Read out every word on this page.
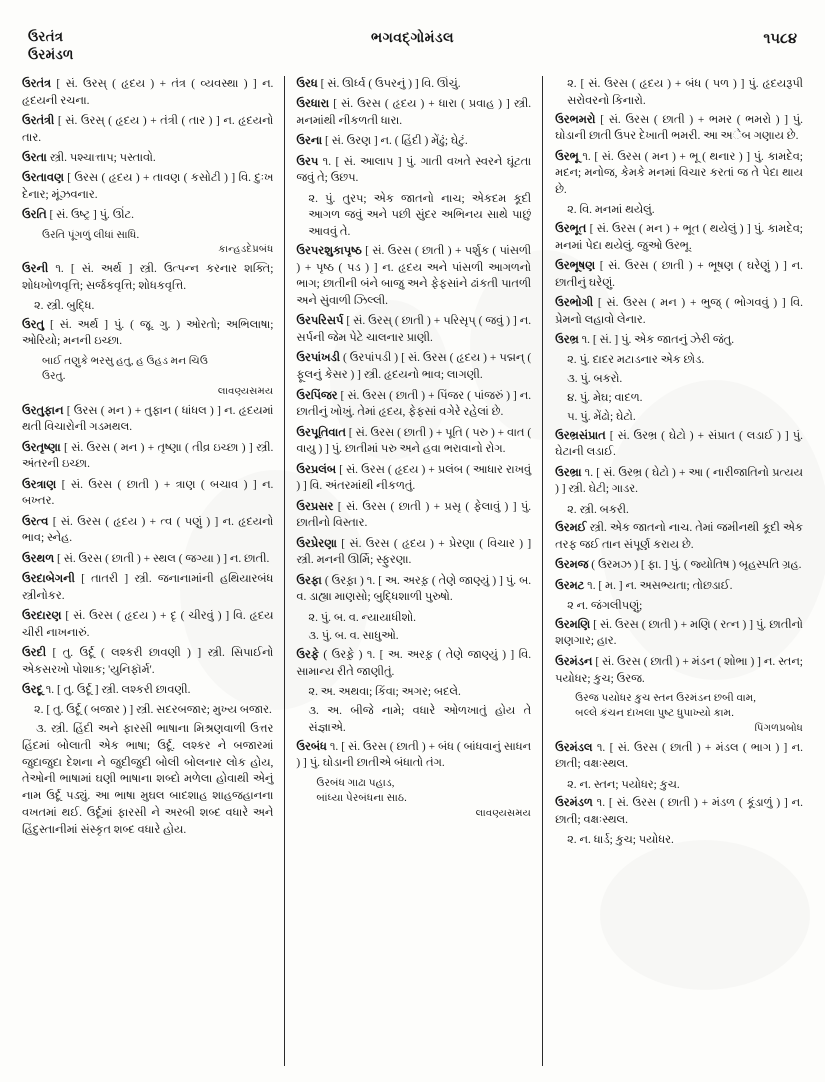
ઉરતંત્ર
ઉરમંડળ
ભગવદ્ગોમંડલ	૧૫૮૪
ઉરતંત્ર [ સં. ઉરસ્ ( હૃદય ) + તંત્ર ( વ્યવસ્થા ) ] ન. હૃદયની રચના.
ઉરતંત્રી [ સં. ઉરસ્ ( હૃદય ) + તંત્રી ( તાર ) ] ન. હૃદયનો તાર.
ઉરતા સ્ત્રી. પશ્ચાત્તાપ; પસ્તાવો.
ઉરતાવણ [ ઉરસ ( હૃદય ) + તાવણ ( કસોટી ) ] વિ. દુઃખ દેનાર; મૂંઝવનાર.
ઉરતિ [ સં. ઉષ્ટ્ર ] પું. ઊંટ.
ઉરતિ પૂંગળું લીધાં સાધિ.
કાન્હડદેપ્રબંધ
ઉરની ૧. [ સં. અર્થ ] સ્ત્રી. ઉત્પન્ન કરનાર શક્તિ; શોધખોળવૃત્તિ; સર્જકવૃત્તિ; શોધકવૃત્તિ.
૨. સ્ત્રી. બુદ્ધિ.
ઉરતુ [ સં. અર્થ ] પું. ( જૂ. ગુ. ) ઓરતો; અભિલાષા; ઓરિયો; મનની ઇચ્છા.
બાઈ તણુકે ભરસુ હતુ, હ ઉહડ મન ચિઉ
ઉરતુ.
લાવણ્યસમય
ઉરતુફાન [ ઉરસ ( મન ) + તુફાન ( ધાંધલ ) ] ન. હૃદયમાં થતી વિચારોની ગડમથલ.
ઉરતૃષ્ણા [ સં. ઉરસ ( મન ) + તૃષ્ણા ( તીવ્ર ઇચ્છા ) ] સ્ત્રી. અંતરની ઇચ્છા.
ઉરત્રાણ [ સં. ઉરસ ( છાતી ) + ત્રાણ ( બચાવ ) ] ન. બખ્તર.
ઉરત્વ [ સં. ઉરસ ( હૃદય ) + ત્વ ( પણું ) ] ન. હૃદયનો ભાવ; સ્નેહ.
ઉરથળ [ સં. ઉરસ ( છાતી ) + સ્થલ ( જગ્યા ) ] ન. છાતી.
ઉરદાબેગની [ તાતરી ] સ્ત્રી. જનાનામાંની હથિયારબંધ સ્ત્રીનોકર.
ઉરદારણ [ સં. ઉરસ ( હૃદય ) + દૃ ( ચીરવું ) ] વિ. હૃદય ચીરી નાખનારું.
ઉરદી [ તુ. ઉર્દૂ ( લશ્કરી છાવણી ) ] સ્ત્રી. સિપાઈનો એકસરખો પોશાક; 'યુનિફૉર્મ'.
ઉરદૂ ૧. [ તુ. ઉર્દૂ ] સ્ત્રી. લશ્કરી છાવણી.
૨. [ તુ. ઉર્દૂ ( બજાર ) ] સ્ત્રી. સદરબજાર; મુખ્ય બજાર.
૩. સ્ત્રી. હિંદી અને ફારસી ભાષાના મિશ્રણવાળી ઉત્તર હિંદમાં બોલાતી એક ભાષા; ઉર્દૂ. લશ્કર ને બજારમાં જુદાજુદા દેશના ને જુદીજુદી બોલી બોલનાર લોક હોય, તેઓની ભાષામાં ઘણી ભાષાના શબ્દો મળેલા હોવાથી એનું નામ ઉર્દૂ પડ્યું. આ ભાષા મુઘલ બાદશાહ શાહજહાનના વખતમાં થઈ. ઉર્દૂમાં ફારસી ને અરબી શબ્દ વધારે અને હિંદુસ્તાનીમાં સંસ્કૃત શબ્દ વધારે હોય.
ઉરધ [ સં. ઊર્ધ્વ ( ઉપરનું ) ] વિ. ઊંચું.
ઉરધારા [ સં. ઉરસ ( હૃદય ) + ધારા ( પ્રવાહ ) ] સ્ત્રી. મનમાંથી નીકળતી ધારા.
ઉરના [ સં. ઉરણ ] ન. ( હિંદી ) મેંઢું; ઘેટું.
ઉરપ ૧. [ સં. આલાપ ] પું. ગાતી વખતે સ્વરને ઘૂંટતા જવું તે; ઉછપ.
૨. પું. તુરપ; એક જાતનો નાચ; એકદમ કૂદી આગળ જવું અને પછી સુંદર અભિનય સાથે પાછું આવવું તે.
ઉરપરશુકાપૃષ્ઠ [ સં. ઉરસ ( છાતી ) + પર્શુક ( પાંસળી ) + પૃષ્ઠ ( પડ ) ] ન. હૃદય અને પાંસળી આગળનો ભાગ; છાતીની બંને બાજુ અને ફેફસાંને ઢાંકતી પાતળી અને સુંવાળી ઝિલ્લી.
ઉરપરિસર્પ [ સં. ઉરસ્ ( છાતી ) + પરિસૃપ્ ( જવું ) ] ન. સર્પની જેમ પેટે ચાલનાર પ્રાણી.
ઉરપાંખડી ( ઉરપાંપડી ) [ સં. ઉરસ ( હૃદય ) + પદ્મન્ ( ફૂલનું કેસર ) ] સ્ત્રી. હૃદયનો ભાવ; લાગણી.
ઉરપિંજર [ સં. ઉરસ ( છાતી ) + પિંજર ( પાંજરું ) ] ન. છાતીનું ખોખું. તેમાં હૃદય, ફેફસાં વગેરે રહેલાં છે.
ઉરપૂતિવાત [ સં. ઉરસ ( છાતી ) + પૂતિ ( પરુ ) + વાત ( વાયુ ) ] પું. છાતીમાં પરુ અને હવા ભરાવાનો રોગ.
ઉરપ્રલંબ [ સં. ઉરસ ( હૃદય ) + પ્રલંબ ( આધાર રાખવું ) ] વિ. અંતરમાંથી નીકળતું.
ઉરપ્રસર [ સં. ઉરસ ( છાતી ) + પ્રસૃ ( ફેલાવું ) ] પું. છાતીનો વિસ્તાર.
ઉરપ્રેરણા [ સં. ઉરસ ( હૃદય ) + પ્રેરણા ( વિચાર ) ] સ્ત્રી. મનની ઊર્મિ; સ્ફુરણા.
ઉરફા ( ઉરફ઼ા ) ૧. [ અ. અરફ઼ ( તેણે જાણ્યું ) ] પું. બ. વ. ડાહ્યા માણસો; બુદ્ધિશાળી પુરુષો.
૨. પું. બ. વ. ન્યાયાધીશો.
૩. પું. બ. વ. સાધુઓ.
ઉરફે ( ઉરફ઼ે ) ૧. [ અ. અરફ઼ ( તેણે જાણ્યું ) ] વિ. સામાન્ય રીતે જાણીતું.
૨. અ. અથવા; કિંવા; અગર; બદલે.
૩. અ. બીજે નામે; વધારે ઓળખાતું હોય તે સંજ્ઞાએ.
ઉરબંધ ૧. [ સં. ઉરસ ( છાતી ) + બંધ ( બાંધવાનું સાધન ) ] પું. ઘોડાની છાતીએ બંધાતો તંગ.
ઉરબંધ ગાઢા પહાડ,
બાંધ્યા પેરબંધના સાઠ.
લાવણ્યસમય
૨. [ સં. ઉરસ ( હૃદય ) + બંધ ( પળ ) ] પું. હૃદયરૂપી સરોવરનો કિનારો.
ઉરભમરો [ સં. ઉરસ ( છાતી ) + ભમર ( ભમરો ) ] પું. ઘોડાની છાતી ઉપર દેખાતી ભમરી. આ અેબ ગણાય છે.
ઉરભૂ ૧. [ સં. ઉરસ ( મન ) + ભૂ ( થનાર ) ] પું. કામદેવ; મદન; મનોજ, કેમકે મનમાં વિચાર કરતાં જ તે પેદા થાય છે.
૨. વિ. મનમાં થયેલું.
ઉરભૂત [ સં. ઉરસ ( મન ) + ભૂત ( થયેલું ) ] પું. કામદેવ; મનમાં પેદા થયેલું. જુઓ ઉરભૂ.
ઉરભૂષણ [ સં. ઉરસ ( છાતી ) + ભૂષણ ( ઘરેણું ) ] ન. છાતીનું ઘરેણું.
ઉરભોગી [ સં. ઉરસ ( મન ) + ભુજ્ ( ભોગવવું ) ] વિ. પ્રેમનો લહાવો લેનાર.
ઉરભ્ર ૧. [ સં. ] પું. એક જાતનું ઝેરી જંતુ.
૨. પું. દાદર મટાડનાર એક છોડ.
૩. પું. બકરો.
૪. પું. મેઘ; વાદળ.
૫. પું. મેંઢો; ઘેટો.
ઉરભ્રસંપ્રાત [ સં. ઉરભ્ર ( ઘેટો ) + સંપ્રાત ( લડાઈ ) ] પું. ઘેટાની લડાઈ.
ઉરભ્રા ૧. [ સં. ઉરભ્ર ( ઘેટો ) + આ ( નારીજાતિનો પ્રત્યય ) ] સ્ત્રી. ઘેટી; ગાડર.
૨. સ્ત્રી. બકરી.
ઉરમઈ સ્ત્રી. એક જાતનો નાચ. તેમાં જમીનથી કૂદી એક તરફ જઈ તાન સંપૂર્ણ કરાય છે.
ઉરમજ ( ઉરમઝ ) [ ફા. ] પું. ( જ્યોતિષ ) બૃહસ્પતિ ગ્રહ.
ઉરમટ ૧. [ મ. ] ન. અસભ્યતા; તોછડાઈ.
૨ ન. જંગલીપણું;
ઉરમણિ [ સં. ઉરસ ( છાતી ) + મણિ ( રત્ન ) ] પું. છાતીનો શણગાર; હાર.
ઉરમંડન [ સં. ઉરસ ( છાતી ) + મંડન ( શોભા ) ] ન. સ્તન; પયોધર; કુચ; ઉરજ.
ઉરજ પયોધર કુચ સ્તન ઉરમંડન છબી વામ,
બલ્લે કંચન દાખલા પુષ્ટ ધુપાખ્યો કામ.
પિંગળપ્રબોધ
ઉરમંડલ ૧. [ સં. ઉરસ ( છાતી ) + મંડલ ( ભાગ ) ] ન. છાતી; વક્ષઃસ્થલ.
૨. ન. સ્તન; પયોધર; કુચ.
ઉરમંડળ ૧. [ સં. ઉરસ ( છાતી ) + મંડળ ( કૂંડાળું ) ] ન. છાતી; વક્ષઃસ્થલ.
૨. ન. ધાર્ડ; કુચ; પયોધર.
